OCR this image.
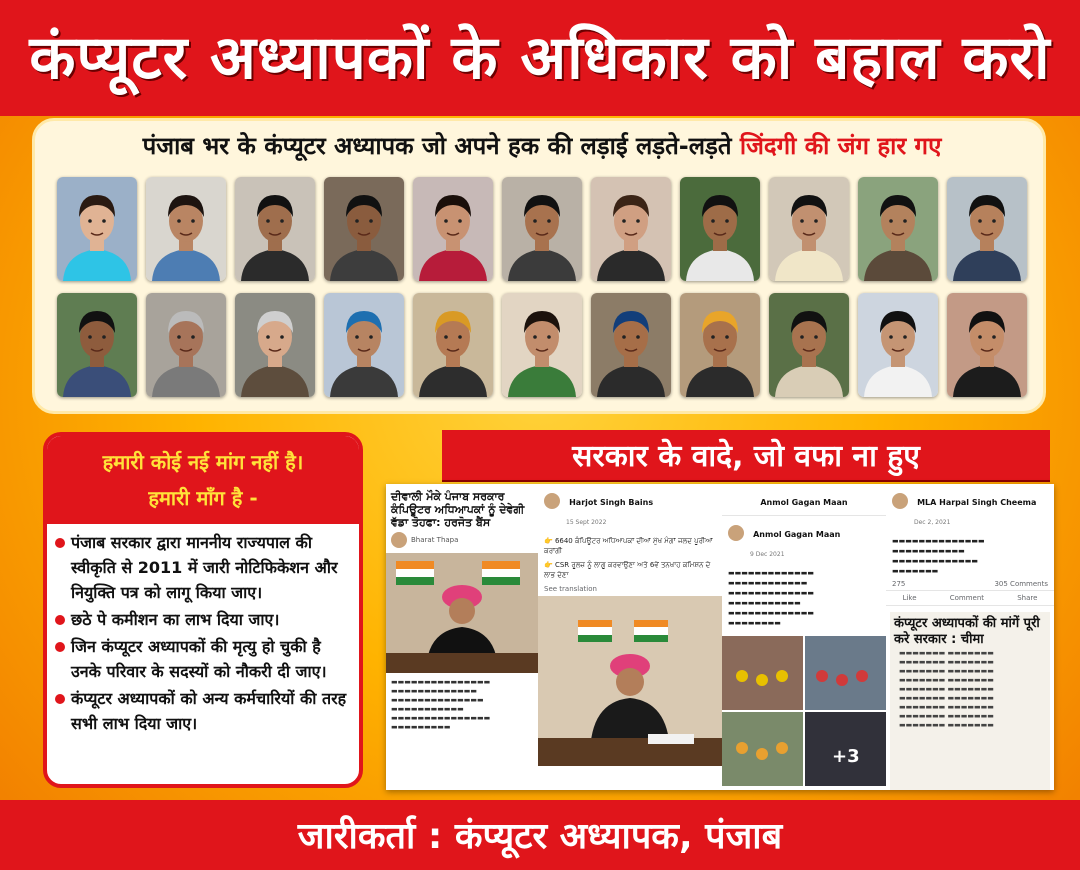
कंप्यूटर अध्यापकों के अधिकार को बहाल करो
पंजाब भर के कंप्यूटर अध्यापक जो अपने हक की लड़ाई लड़ते-लड़ते जिंदगी की जंग हार गए
हमारी कोई नई मांग नहीं है।
हमारी माँग है -
पंजाब सरकार द्वारा माननीय राज्यपाल की स्वीकृति से 2011 में जारी नोटिफिकेशन और नियुक्ति पत्र को लागू किया जाए।
छठे पे कमीशन का लाभ दिया जाए।
जिन कंप्यूटर अध्यापकों की मृत्यु हो चुकी है उनके परिवार के सदस्यों को नौकरी दी जाए।
कंप्यूटर अध्यापकों को अन्य कर्मचारियों की तरह सभी लाभ दिया जाए।
सरकार के वादे, जो वफा ना हुए
ਦੀਵਾਲੀ ਮੌਕੇ ਪੰਜਾਬ ਸਰਕਾਰ ਕੰਪਿਊਟਰ ਅਧਿਆਪਕਾਂ ਨੂੰ ਦੇਵੇਗੀ ਵੱਡਾ ਤੋਹਫਾ: ਹਰਜੋਤ ਬੈਂਸ
Bharat Thapa
▬▬▬▬▬▬▬▬▬▬▬▬▬▬▬
▬▬▬▬▬▬▬▬▬▬▬▬▬
▬▬▬▬▬▬▬▬▬▬▬▬▬▬
▬▬▬▬▬▬▬▬▬▬▬
▬▬▬▬▬▬▬▬▬▬▬▬▬▬▬
▬▬▬▬▬▬▬▬▬
Harjot Singh Bains
15 Sept 2022
👉 6640 ਕੰਪਿਊਟਰ ਅਧਿਆਪਕਾਂ ਦੀਆਂ ਮੁੱਖ ਮੰਗਾਂ ਜਲਦ ਪੂਰੀਆਂ ਕਰਾਂਗੀ
👉 CSR ਰੂਲਜ਼ ਨੂੰ ਲਾਗੂ ਕਰਵਾਉਣਾ ਅਤੇ 6ਵੇਂ ਤਨਖਾਹ ਕਮਿਸ਼ਨ ਦੇ ਲਾਭ ਦੇਣਾ
See translation
Anmol Gagan Maan
Anmol Gagan Maan
9 Dec 2021
▬▬▬▬▬▬▬▬▬▬▬▬▬
▬▬▬▬▬▬▬▬▬▬▬▬
▬▬▬▬▬▬▬▬▬▬▬▬▬
▬▬▬▬▬▬▬▬▬▬▬
▬▬▬▬▬▬▬▬▬▬▬▬▬
▬▬▬▬▬▬▬▬
+3
MLA Harpal Singh Cheema
Dec 2, 2021
▬▬▬▬▬▬▬▬▬▬▬▬▬▬
▬▬▬▬▬▬▬▬▬▬▬
▬▬▬▬▬▬▬▬▬▬▬▬▬
▬▬▬▬▬▬▬
275	305 Comments
Like	Comment	Share
कंप्यूटर अध्यापकों की मांगें पूरी करे सरकार : चीमा
▬▬▬▬▬▬▬ ▬▬▬▬▬▬▬
▬▬▬▬▬▬▬ ▬▬▬▬▬▬▬
▬▬▬▬▬▬▬ ▬▬▬▬▬▬▬
▬▬▬▬▬▬▬ ▬▬▬▬▬▬▬
▬▬▬▬▬▬▬ ▬▬▬▬▬▬▬
▬▬▬▬▬▬▬ ▬▬▬▬▬▬▬
▬▬▬▬▬▬▬ ▬▬▬▬▬▬▬
▬▬▬▬▬▬▬ ▬▬▬▬▬▬▬
▬▬▬▬▬▬▬ ▬▬▬▬▬▬▬
जारीकर्ता : कंप्यूटर अध्यापक, पंजाब
